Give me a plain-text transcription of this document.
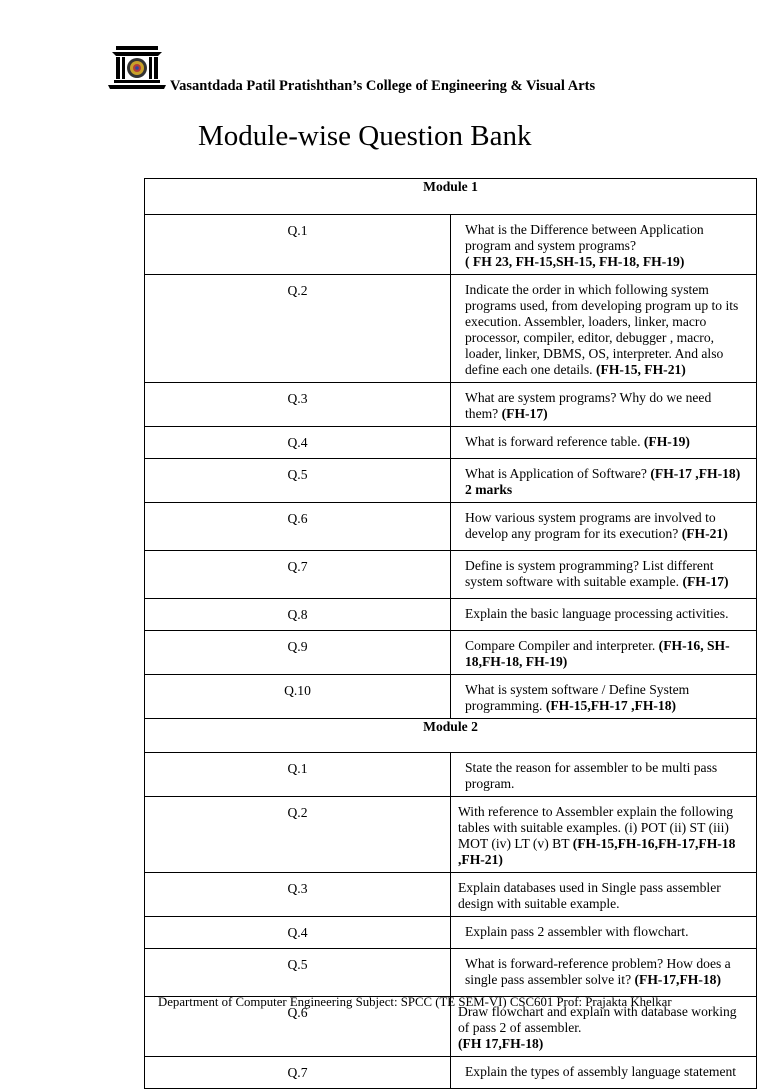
Vasantdada Patil Pratishthan’s College of Engineering & Visual Arts
Module-wise Question Bank
Module 1	
Q.1	What is the Difference between Application program and system programs?
( FH 23, FH-15,SH-15, FH-18, FH-19)
Q.2	Indicate the order in which following system programs used, from developing program up to its execution. Assembler, loaders, linker, macro processor, compiler, editor, debugger , macro, loader, linker, DBMS, OS, interpreter. And also define each one details. (FH-15, FH-21)
Q.3	What are system programs? Why do we need them? (FH-17)
Q.4	What is forward reference table. (FH-19)
Q.5	What is Application of Software? (FH-17 ,FH-18) 2 marks
Q.6	How various system programs are involved to develop any program for its execution? (FH-21)
Q.7	Define is system programming? List different system software with suitable example. (FH-17)
Q.8	Explain the basic language processing activities.
Q.9	Compare Compiler and interpreter. (FH-16, SH-18,FH-18, FH-19)
Q.10	What is system software / Define System programming. (FH-15,FH-17 ,FH-18)
Module 2	
Q.1	State the reason for assembler to be multi pass program.
Q.2	With reference to Assembler explain the following tables with suitable examples. (i) POT (ii) ST (iii) MOT (iv) LT (v) BT (FH-15,FH-16,FH-17,FH-18 ,FH-21)
Q.3	Explain databases used in Single pass assembler design with suitable example.
Q.4	Explain pass 2 assembler with flowchart.
Q.5	What is forward-reference problem? How does a single pass assembler solve it? (FH-17,FH-18)
Q.6	Draw flowchart and explain with database working of pass 2 of assembler.
(FH 17,FH-18)
Q.7	Explain the types of assembly language statement
Department of Computer Engineering Subject: SPCC (TE SEM-VI) CSC601 Prof: Prajakta Khelkar
